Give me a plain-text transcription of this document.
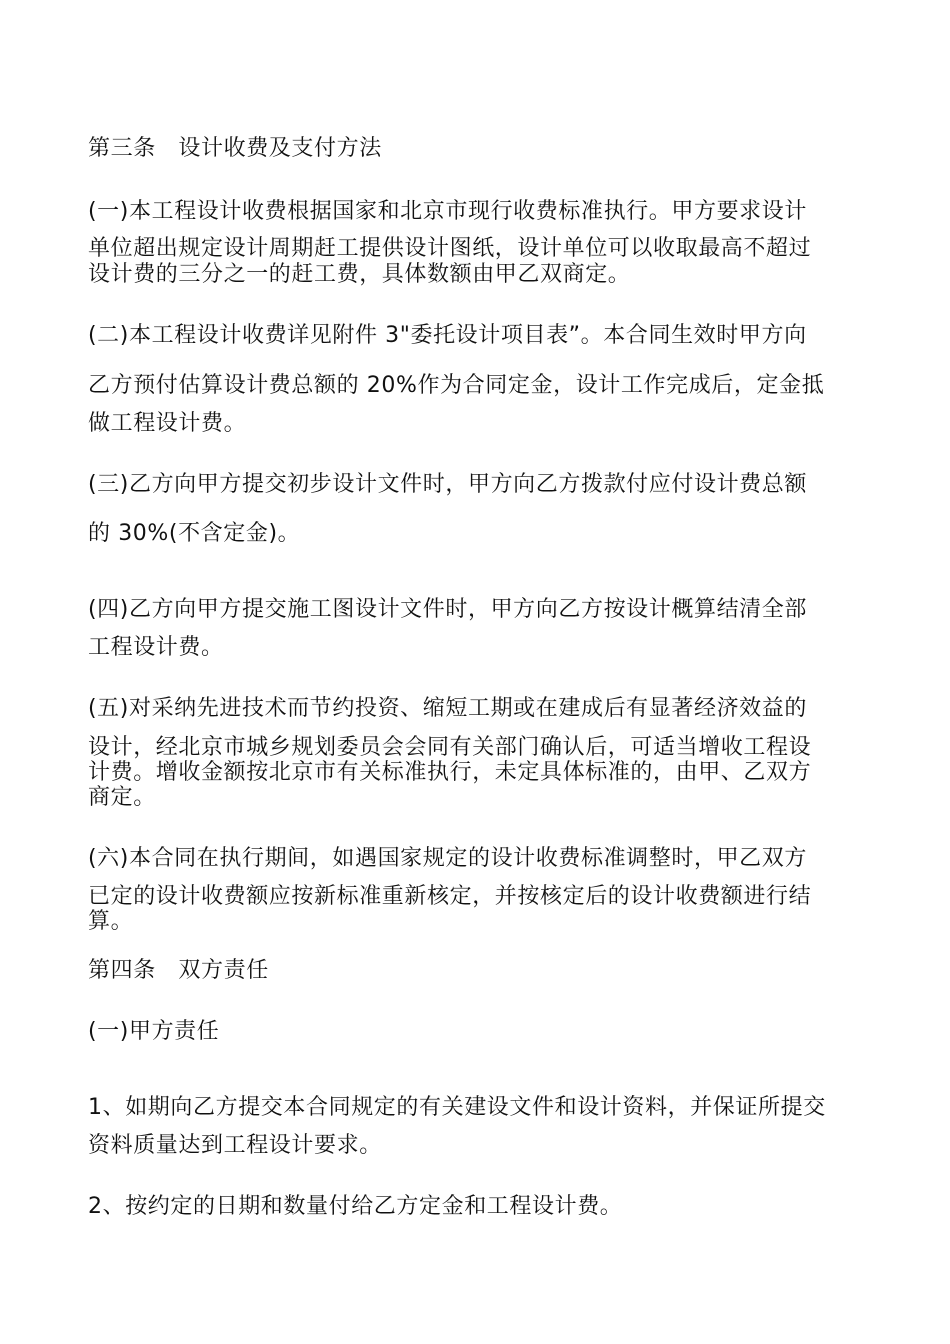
第三条　设计收费及支付方法
(一)本工程设计收费根据国家和北京市现行收费标准执行。甲方要求设计
单位超出规定设计周期赶工提供设计图纸，设计单位可以收取最高不超过
设计费的三分之一的赶工费，具体数额由甲乙双商定。
(二)本工程设计收费详见附件 3"委托设计项目表”。本合同生效时甲方向
乙方预付估算设计费总额的 20%作为合同定金，设计工作完成后，定金抵
做工程设计费。
(三)乙方向甲方提交初步设计文件时，甲方向乙方拨款付应付设计费总额
的 30%(不含定金)。
(四)乙方向甲方提交施工图设计文件时，甲方向乙方按设计概算结清全部
工程设计费。
(五)对采纳先进技术而节约投资、缩短工期或在建成后有显著经济效益的
设计，经北京市城乡规划委员会会同有关部门确认后，可适当增收工程设
计费。增收金额按北京市有关标准执行，未定具体标准的，由甲、乙双方
商定。
(六)本合同在执行期间，如遇国家规定的设计收费标准调整时，甲乙双方
已定的设计收费额应按新标准重新核定，并按核定后的设计收费额进行结
算。
第四条　双方责任
(一)甲方责任
1、如期向乙方提交本合同规定的有关建设文件和设计资料，并保证所提交
资料质量达到工程设计要求。
2、按约定的日期和数量付给乙方定金和工程设计费。
